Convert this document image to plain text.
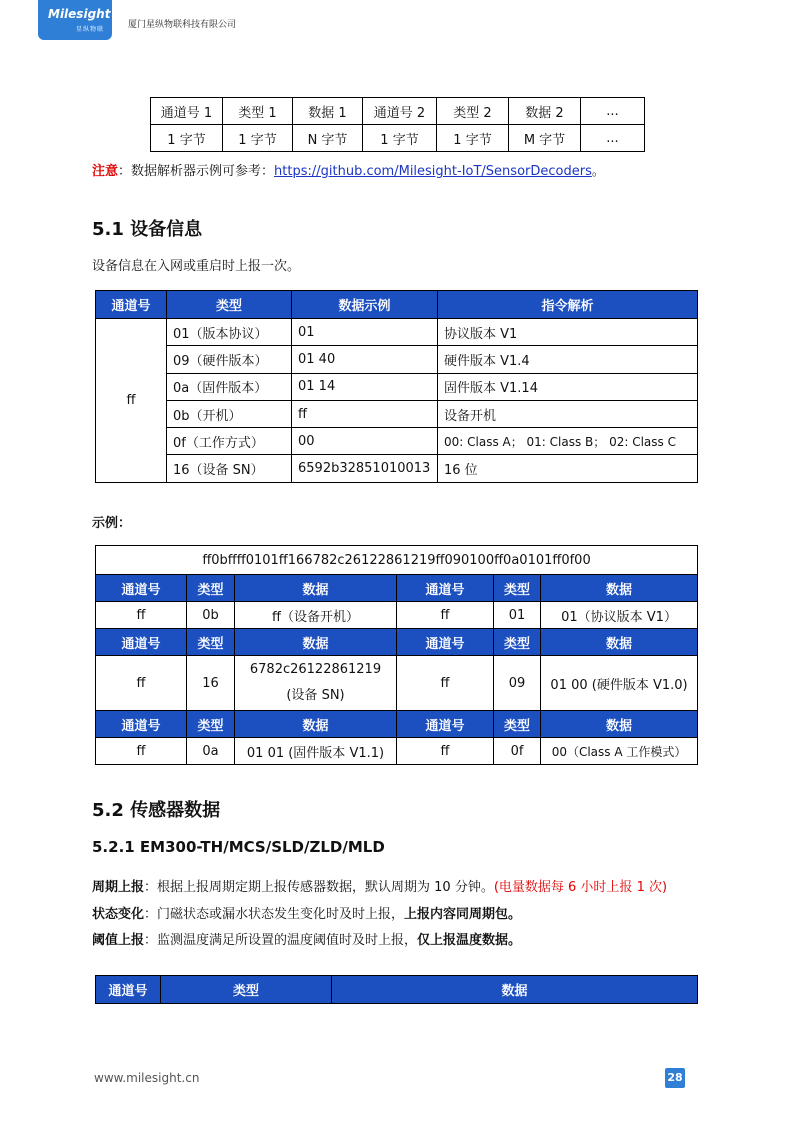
Milesight
星纵物联	厦门星纵物联科技有限公司
通道号 1	类型 1	数据 1	通道号 2	类型 2	数据 2	...
1 字节	1 字节	N 字节	1 字节	1 字节	M 字节	...
注意：数据解析器示例可参考：https://github.com/Milesight-IoT/SensorDecoders。
5.1 设备信息
设备信息在入网或重启时上报一次。
通道号	类型	数据示例	指令解析
ff	01（版本协议）	01	协议版本 V1
	09（硬件版本）	01 40	硬件版本 V1.4
	0a（固件版本）	01 14	固件版本 V1.14
	0b（开机）	ff	设备开机
	0f（工作方式）	00	00: Class A； 01: Class B； 02: Class C
	16（设备 SN）	6592b32851010013	16 位
示例：
ff0bffff0101ff166782c26122861219ff090100ff0a0101ff0f00					
通道号	类型	数据	通道号	类型	数据
ff	0b	ff（设备开机）	ff	01	01（协议版本 V1）
通道号	类型	数据	通道号	类型	数据
ff	16	6782c26122861219
(设备 SN)	ff	09	01 00 (硬件版本 V1.0)
通道号	类型	数据	通道号	类型	数据
ff	0a	01 01 (固件版本 V1.1)	ff	0f	00（Class A 工作模式）
5.2 传感器数据
5.2.1 EM300-TH/MCS/SLD/ZLD/MLD
周期上报：根据上报周期定期上报传感器数据，默认周期为 10 分钟。(电量数据每 6 小时上报 1 次)
状态变化：门磁状态或漏水状态发生变化时及时上报，上报内容同周期包。
阈值上报：监测温度满足所设置的温度阈值时及时上报，仅上报温度数据。
通道号	类型	数据
www.milesight.cn	28
